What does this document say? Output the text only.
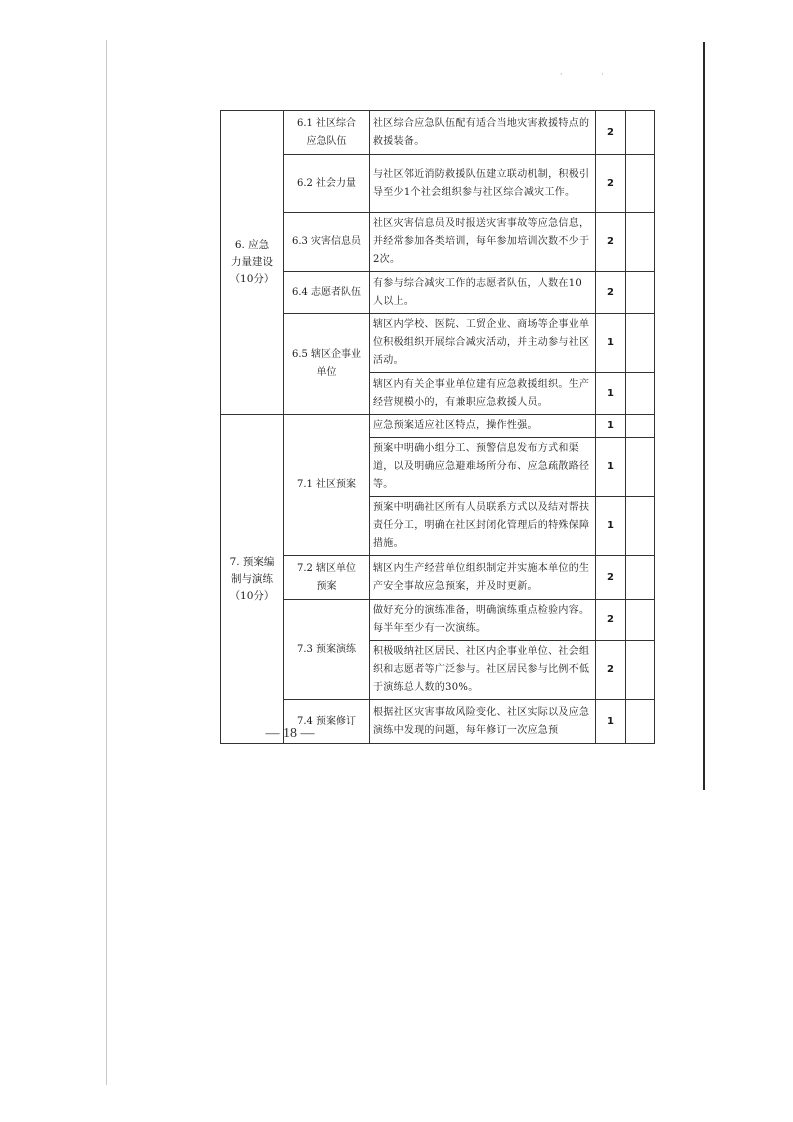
· ·
6. 应急
力量建设
（10分）	6.1 社区综合
应急队伍	社区综合应急队伍配有适合当地灾害救援特点的救援装备。	2	
	6.2 社会力量	与社区邻近消防救援队伍建立联动机制，积极引导至少1个社会组织参与社区综合减灾工作。	2	
	6.3 灾害信息员	社区灾害信息员及时报送灾害事故等应急信息，并经常参加各类培训，每年参加培训次数不少于2次。	2	
	6.4 志愿者队伍	有参与综合减灾工作的志愿者队伍，人数在10人以上。	2	
	6.5 辖区企事业
单位	辖区内学校、医院、工贸企业、商场等企事业单位积极组织开展综合减灾活动，并主动参与社区活动。	1	
		辖区内有关企事业单位建有应急救援组织。生产经营规模小的，有兼职应急救援人员。	1	
7. 预案编
制与演练
（10分）	7.1 社区预案	应急预案适应社区特点，操作性强。	1	
		预案中明确小组分工、预警信息发布方式和渠道，以及明确应急避难场所分布、应急疏散路径等。	1	
		预案中明确社区所有人员联系方式以及结对帮扶责任分工，明确在社区封闭化管理后的特殊保障措施。	1	
	7.2 辖区单位
预案	辖区内生产经营单位组织制定并实施本单位的生产安全事故应急预案，并及时更新。	2	
	7.3 预案演练	做好充分的演练准备，明确演练重点检验内容。每半年至少有一次演练。	2	
		积极吸纳社区居民、社区内企事业单位、社会组织和志愿者等广泛参与。社区居民参与比例不低于演练总人数的30%。	2	
	7.4 预案修订	根据社区灾害事故风险变化、社区实际以及应急演练中发现的问题，每年修订一次应急预	1	
— 18 —
